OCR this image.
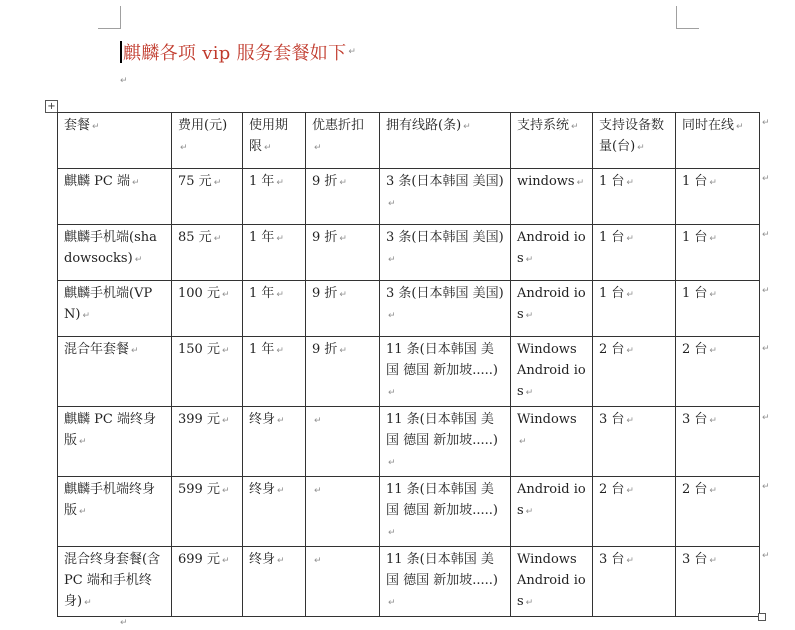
麒麟各项 vip 服务套餐如下 ↵
↵
+
套餐 ↵	费用(元)↵	使用期限 ↵	优惠折扣↵	拥有线路(条) ↵	支持系统 ↵	支持设备数量(台) ↵	同时在线 ↵
麒麟 PC 端 ↵	75 元 ↵	1 年 ↵	9 折 ↵	3 条(日本韩国 美国)↵	windows ↵	1 台 ↵	1 台 ↵
麒麟手机端(shadowsocks) ↵	85 元 ↵	1 年 ↵	9 折 ↵	3 条(日本韩国 美国)↵	Android ios ↵	1 台 ↵	1 台 ↵
麒麟手机端(VPN) ↵	100 元 ↵	1 年 ↵	9 折 ↵	3 条(日本韩国 美国)↵	Android ios ↵	1 台 ↵	1 台 ↵
混合年套餐 ↵	150 元 ↵	1 年 ↵	9 折 ↵	11 条(日本韩国 美国 德国 新加坡.....)↵	Windows Android ios ↵	2 台 ↵	2 台 ↵
麒麟 PC 端终身版 ↵	399 元 ↵	终身 ↵	↵	11 条(日本韩国 美国 德国 新加坡.....)↵	Windows↵	3 台 ↵	3 台 ↵
麒麟手机端终身版 ↵	599 元 ↵	终身 ↵	↵	11 条(日本韩国 美国 德国 新加坡.....)↵	Android ios ↵	2 台 ↵	2 台 ↵
混合终身套餐(含 PC 端和手机终身) ↵	699 元 ↵	终身 ↵	↵	11 条(日本韩国 美国 德国 新加坡.....)↵	Windows Android ios ↵	3 台 ↵	3 台 ↵
↵
↵
↵
↵
↵
↵
↵
↵
↵
